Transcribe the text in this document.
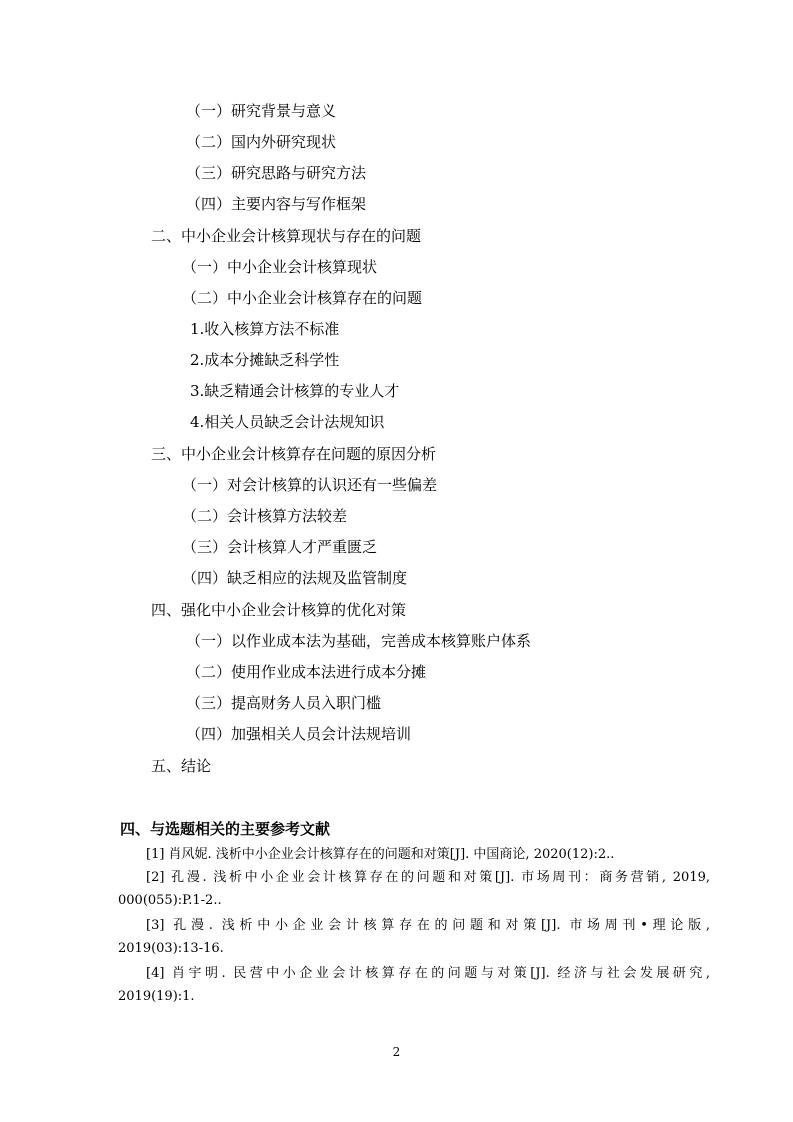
（一）研究背景与意义
（二）国内外研究现状
（三）研究思路与研究方法
（四）主要内容与写作框架
二、中小企业会计核算现状与存在的问题
（一）中小企业会计核算现状
（二）中小企业会计核算存在的问题
1.收入核算方法不标准
2.成本分摊缺乏科学性
3.缺乏精通会计核算的专业人才
4.相关人员缺乏会计法规知识
三、中小企业会计核算存在问题的原因分析
（一）对会计核算的认识还有一些偏差
（二）会计核算方法较差
（三）会计核算人才严重匮乏
（四）缺乏相应的法规及监管制度
四、强化中小企业会计核算的优化对策
（一）以作业成本法为基础，完善成本核算账户体系
（二）使用作业成本法进行成本分摊
（三）提高财务人员入职门槛
（四）加强相关人员会计法规培训
五、结论
四、与选题相关的主要参考文献
[1] 肖风妮. 浅析中小企业会计核算存在的问题和对策[J]. 中国商论, 2020(12):2..
[2] 孔漫. 浅析中小企业会计核算存在的问题和对策[J]. 市场周刊：商务营销, 2019,
000(055):P.1-2..
[3] 孔漫. 浅析中小企业会计核算存在的问题和对策[J]. 市场周刊•理论版,
2019(03):13-16.
[4] 肖宇明. 民营中小企业会计核算存在的问题与对策[J]. 经济与社会发展研究,
2019(19):1.
2
